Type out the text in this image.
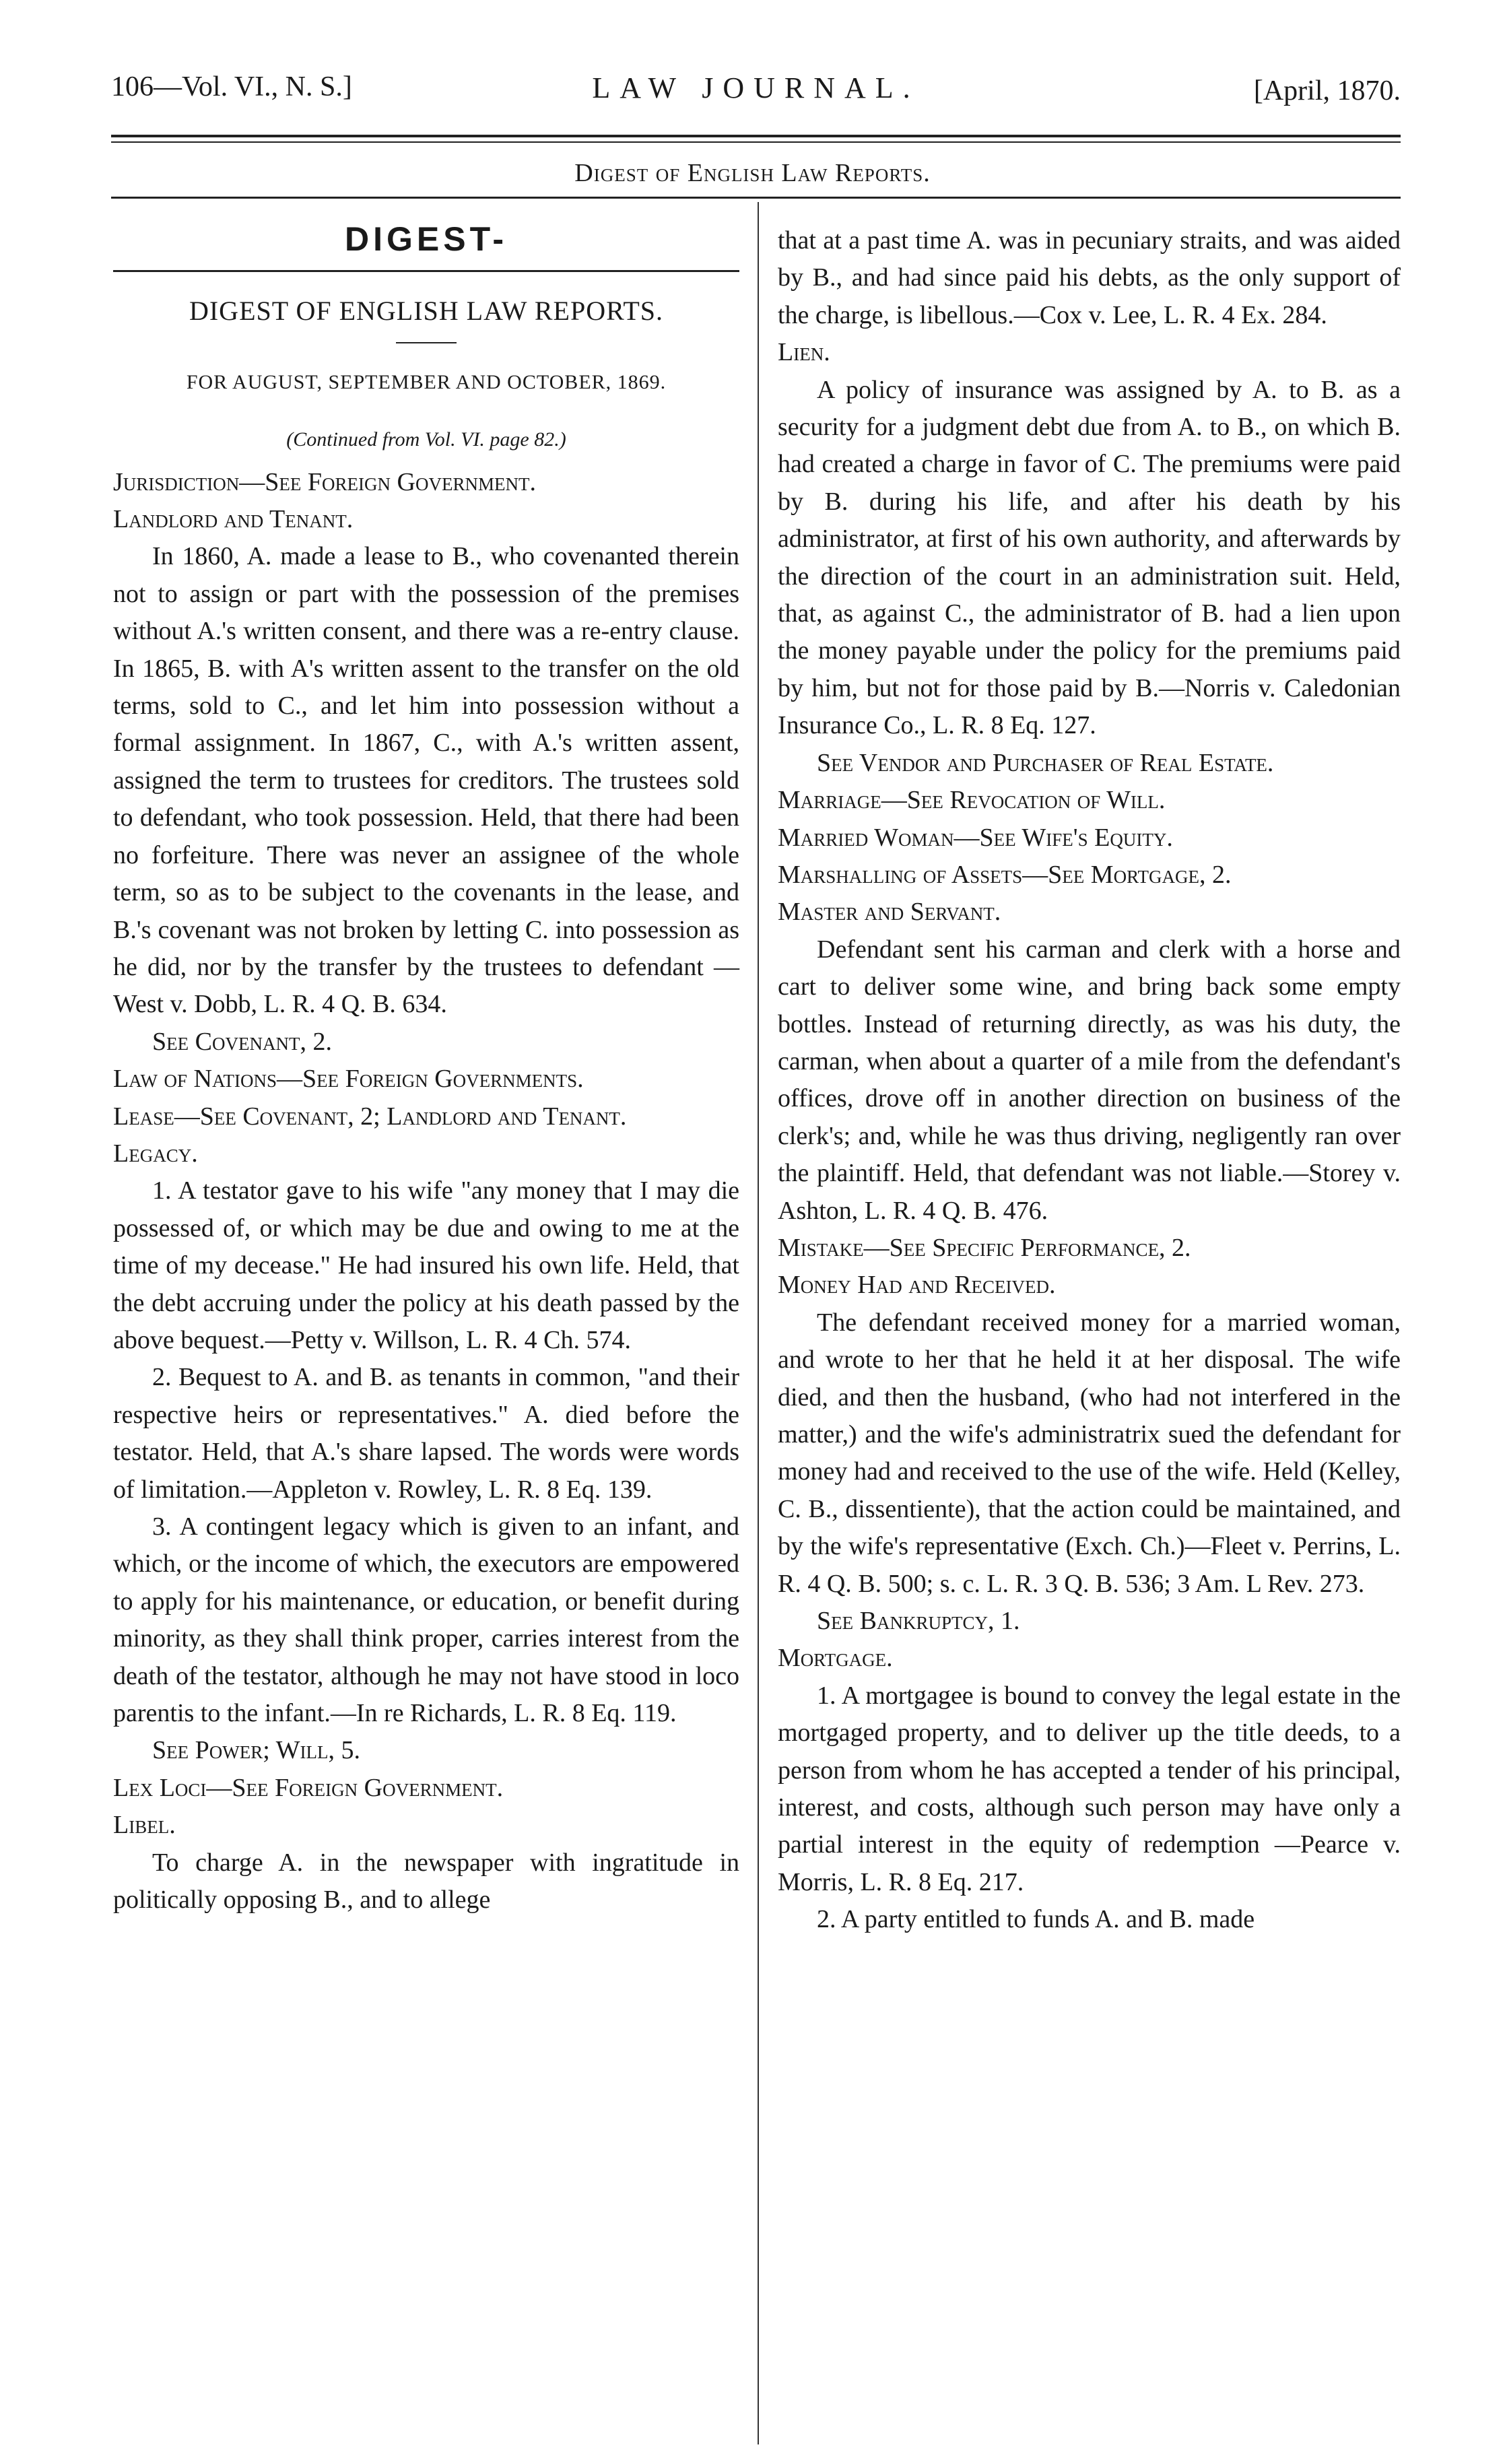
106—Vol. VI., N. S.]	LAW JOURNAL.	[April, 1870.
Digest of English Law Reports.
DIGEST-
DIGEST OF ENGLISH LAW REPORTS.
FOR AUGUST, SEPTEMBER AND OCTOBER, 1869.
(Continued from Vol. VI. page 82.)

Jurisdiction—See Foreign Government.

Landlord and Tenant.

In 1860, A. made a lease to B., who covenanted therein not to assign or part with the possession of the premises without A.'s written consent, and there was a re-entry clause. In 1865, B. with A's written assent to the transfer on the old terms, sold to C., and let him into possession without a formal assignment. In 1867, C., with A.'s written assent, assigned the term to trustees for creditors. The trustees sold to defendant, who took possession. Held, that there had been no forfeiture. There was never an assignee of the whole term, so as to be subject to the covenants in the lease, and B.'s covenant was not broken by letting C. into possession as he did, nor by the transfer by the trustees to defendant — West v. Dobb, L. R. 4 Q. B. 634.

See Covenant, 2.

Law of Nations—See Foreign Governments.

Lease—See Covenant, 2; Landlord and Tenant.

Legacy.

1. A testator gave to his wife "any money that I may die possessed of, or which may be due and owing to me at the time of my decease." He had insured his own life. Held, that the debt accruing under the policy at his death passed by the above bequest.—Petty v. Willson, L. R. 4 Ch. 574.

2. Bequest to A. and B. as tenants in common, "and their respective heirs or representatives." A. died before the testator. Held, that A.'s share lapsed. The words were words of limitation.—Appleton v. Rowley, L. R. 8 Eq. 139.

3. A contingent legacy which is given to an infant, and which, or the income of which, the executors are empowered to apply for his maintenance, or education, or benefit during minority, as they shall think proper, carries interest from the death of the testator, although he may not have stood in loco parentis to the infant.—In re Richards, L. R. 8 Eq. 119.

See Power; Will, 5.

Lex Loci—See Foreign Government.

Libel.

To charge A. in the newspaper with ingratitude in politically opposing B., and to allege

that at a past time A. was in pecuniary straits, and was aided by B., and had since paid his debts, as the only support of the charge, is libellous.—Cox v. Lee, L. R. 4 Ex. 284.

Lien.

A policy of insurance was assigned by A. to B. as a security for a judgment debt due from A. to B., on which B. had created a charge in favor of C. The premiums were paid by B. during his life, and after his death by his administrator, at first of his own authority, and afterwards by the direction of the court in an administration suit. Held, that, as against C., the administrator of B. had a lien upon the money payable under the policy for the premiums paid by him, but not for those paid by B.—Norris v. Caledonian Insurance Co., L. R. 8 Eq. 127.

See Vendor and Purchaser of Real Estate.

Marriage—See Revocation of Will.

Married Woman—See Wife's Equity.

Marshalling of Assets—See Mortgage, 2.

Master and Servant.

Defendant sent his carman and clerk with a horse and cart to deliver some wine, and bring back some empty bottles. Instead of returning directly, as was his duty, the carman, when about a quarter of a mile from the defendant's offices, drove off in another direction on business of the clerk's; and, while he was thus driving, negligently ran over the plaintiff. Held, that defendant was not liable.—Storey v. Ashton, L. R. 4 Q. B. 476.

Mistake—See Specific Performance, 2.

Money Had and Received.

The defendant received money for a married woman, and wrote to her that he held it at her disposal. The wife died, and then the husband, (who had not interfered in the matter,) and the wife's administratrix sued the defendant for money had and received to the use of the wife. Held (Kelley, C. B., dissentiente), that the action could be maintained, and by the wife's representative (Exch. Ch.)—Fleet v. Perrins, L. R. 4 Q. B. 500; s. c. L. R. 3 Q. B. 536; 3 Am. L Rev. 273.

See Bankruptcy, 1.

Mortgage.

1. A mortgagee is bound to convey the legal estate in the mortgaged property, and to deliver up the title deeds, to a person from whom he has accepted a tender of his principal, interest, and costs, although such person may have only a partial interest in the equity of redemption —Pearce v. Morris, L. R. 8 Eq. 217.

2. A party entitled to funds A. and B. made
